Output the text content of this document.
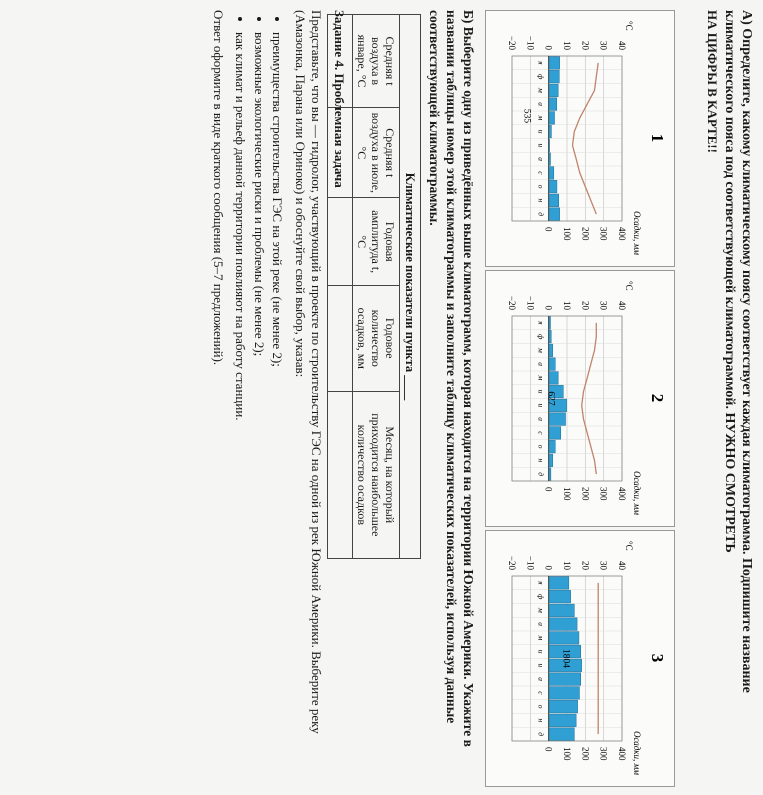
А) Определите, какому климатическому поясу соответствует каждая климатограмма. Подпишите название климатического пояса под соответствующей климатограммой. НУЖНО СМОТРЕТЬ
НА ЦИФРЫ В КАРТЕ!!
1
°C
Осадки, мм
40
30
20
10
0
−10
−20
400
300
200
100
0
я
ф
м
а
м
и
и
а
с
о
н
д
535
2
°C
Осадки, мм
40
30
20
10
0
−10
−20
400
300
200
100
0
я
ф
м
а
м
и
и
а
с
о
н
д
627
3
°C
Осадки, мм
40
30
20
10
0
−10
−20
400
300
200
100
0
я
ф
м
а
м
и
и
а
с
о
н
д
1804
Б) Выберите одну из приведённых выше климатограмм, которая находится на территории Южной Америки. Укажите в названии таблицы номер этой климатограммы и заполните таблицу климатических показателей, используя данные соответствующей климатограммы.
Климатические показатели пункта ____				
Средняя t воздуха в январе, °С	Средняя t воздуха в июле, °С	Годовая амплитуда t, °С	Годовое количество осадков, мм	Месяц, на который приходится наибольшее количество осадков

Задание 4. Проблемная задача
Представьте, что вы — гидролог, участвующий в проекте по строительству ГЭС на одной из рек Южной Америки. Выберите реку (Амазонка, Парана или Ориноко) и обоснуйте свой выбор, указав:
• преимущества строительства ГЭС на этой реке (не менее 2);
• возможные экологические риски и проблемы (не менее 2);
• как климат и рельеф данной территории повлияют на работу станции.
Ответ оформите в виде краткого сообщения (5–7 предложений).
